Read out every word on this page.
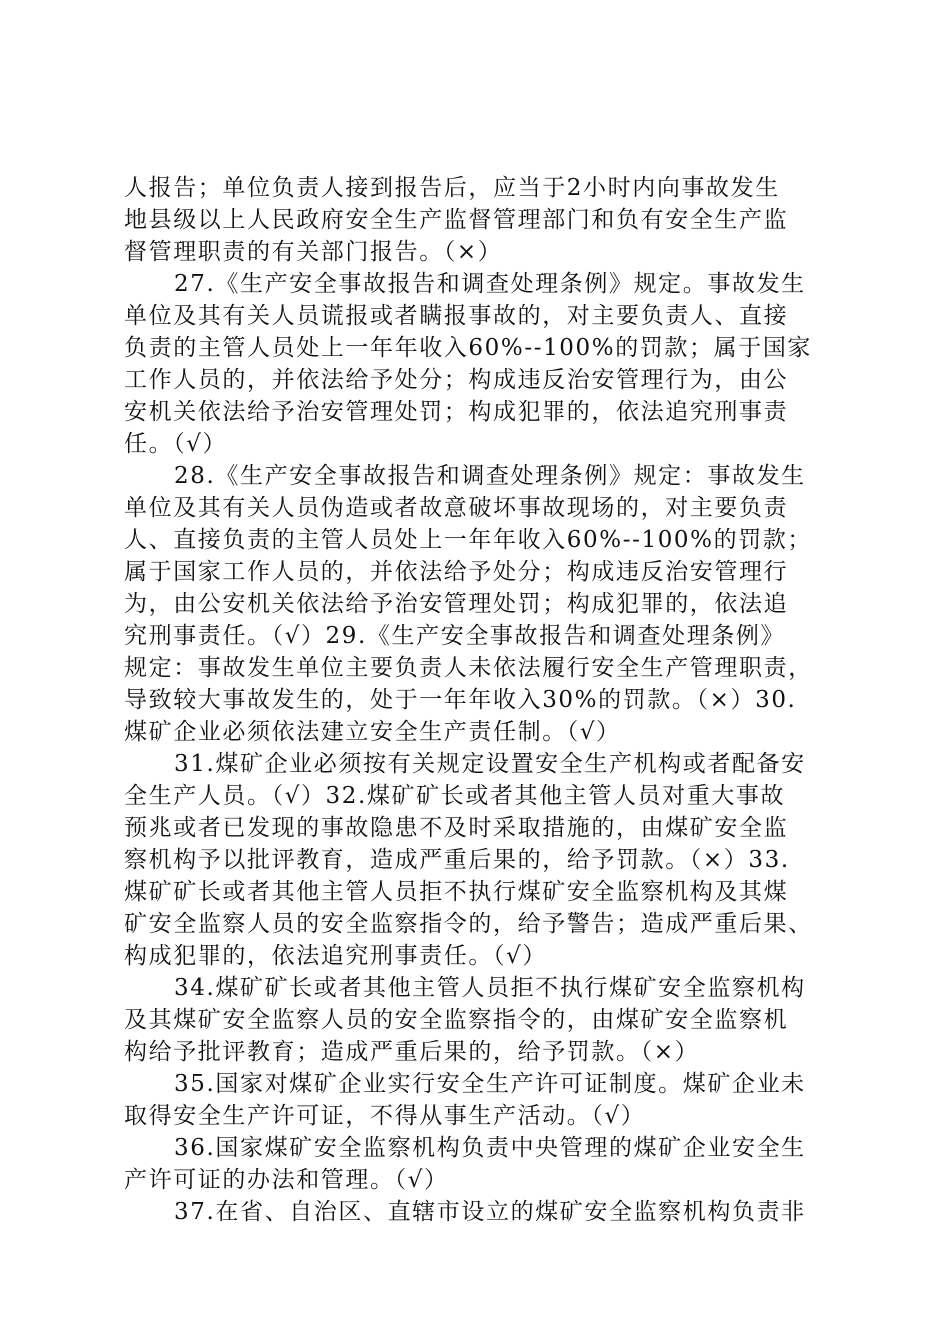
人报告；单位负责人接到报告后，应当于2小时内向事故发生
地县级以上人民政府安全生产监督管理部门和负有安全生产监
督管理职责的有关部门报告。（×）
27.《生产安全事故报告和调查处理条例》规定。事故发生
单位及其有关人员谎报或者瞒报事故的，对主要负责人、直接
负责的主管人员处上一年年收入60%--100%的罚款；属于国家
工作人员的，并依法给予处分；构成违反治安管理行为，由公
安机关依法给予治安管理处罚；构成犯罪的，依法追究刑事责
任。（√）
28.《生产安全事故报告和调查处理条例》规定：事故发生
单位及其有关人员伪造或者故意破坏事故现场的，对主要负责
人、直接负责的主管人员处上一年年收入60%--100%的罚款；
属于国家工作人员的，并依法给予处分；构成违反治安管理行
为，由公安机关依法给予治安管理处罚；构成犯罪的，依法追
究刑事责任。（√）29.《生产安全事故报告和调查处理条例》
规定：事故发生单位主要负责人未依法履行安全生产管理职责，
导致较大事故发生的，处于一年年收入30%的罚款。（×）30.
煤矿企业必须依法建立安全生产责任制。（√）
31.煤矿企业必须按有关规定设置安全生产机构或者配备安
全生产人员。（√）32.煤矿矿长或者其他主管人员对重大事故
预兆或者已发现的事故隐患不及时采取措施的，由煤矿安全监
察机构予以批评教育，造成严重后果的，给予罚款。（×）33.
煤矿矿长或者其他主管人员拒不执行煤矿安全监察机构及其煤
矿安全监察人员的安全监察指令的，给予警告；造成严重后果、
构成犯罪的，依法追究刑事责任。（√）
34.煤矿矿长或者其他主管人员拒不执行煤矿安全监察机构
及其煤矿安全监察人员的安全监察指令的，由煤矿安全监察机
构给予批评教育；造成严重后果的，给予罚款。（×）
35.国家对煤矿企业实行安全生产许可证制度。煤矿企业未
取得安全生产许可证，不得从事生产活动。（√）
36.国家煤矿安全监察机构负责中央管理的煤矿企业安全生
产许可证的办法和管理。（√）
37.在省、自治区、直辖市设立的煤矿安全监察机构负责非
